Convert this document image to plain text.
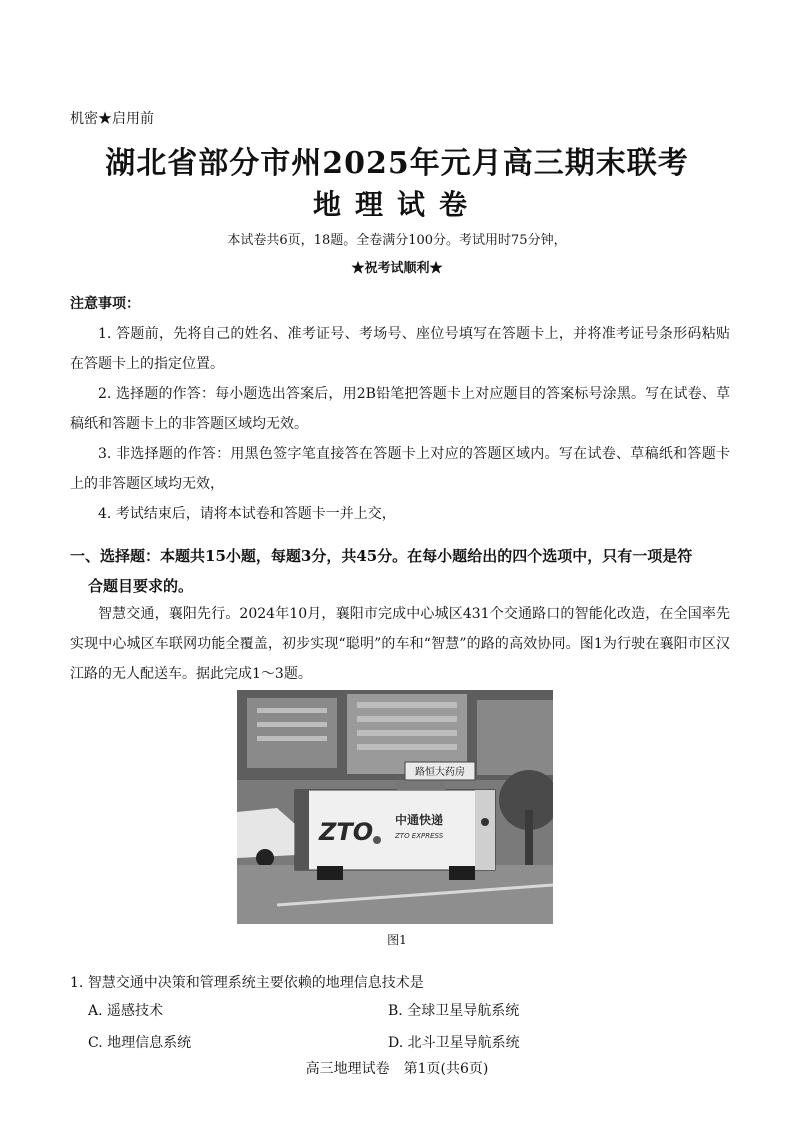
机密★启用前
湖北省部分市州2025年元月高三期末联考
地理试卷
本试卷共6页，18题。全卷满分100分。考试用时75分钟，
★祝考试顺利★
注意事项：

1. 答题前，先将自己的姓名、准考证号、考场号、座位号填写在答题卡上，并将准考证号条形码粘贴在答题卡上的指定位置。

2. 选择题的作答：每小题选出答案后，用2B铅笔把答题卡上对应题目的答案标号涂黑。写在试卷、草稿纸和答题卡上的非答题区域均无效。

3. 非选择题的作答：用黑色签字笔直接答在答题卡上对应的答题区域内。写在试卷、草稿纸和答题卡上的非答题区域均无效，

4. 考试结束后，请将本试卷和答题卡一并上交，

一、选择题：本题共15小题，每题3分，共45分。在每小题给出的四个选项中，只有一项是符
合题目要求的。

智慧交通，襄阳先行。2024年10月，襄阳市完成中心城区431个交通路口的智能化改造，在全国率先实现中心城区车联网功能全覆盖，初步实现“聪明”的车和“智慧”的路的高效协同。图1为行驶在襄阳市区汉江路的无人配送车。据此完成1～3题。

路恒大药房
ZTO 中通快递
ZTO EXPRESS
图1
1. 智慧交通中决策和管理系统主要依赖的地理信息技术是
A. 遥感技术	B. 全球卫星导航系统
C. 地理信息系统	D. 北斗卫星导航系统
高三地理试卷　第1页(共6页)
